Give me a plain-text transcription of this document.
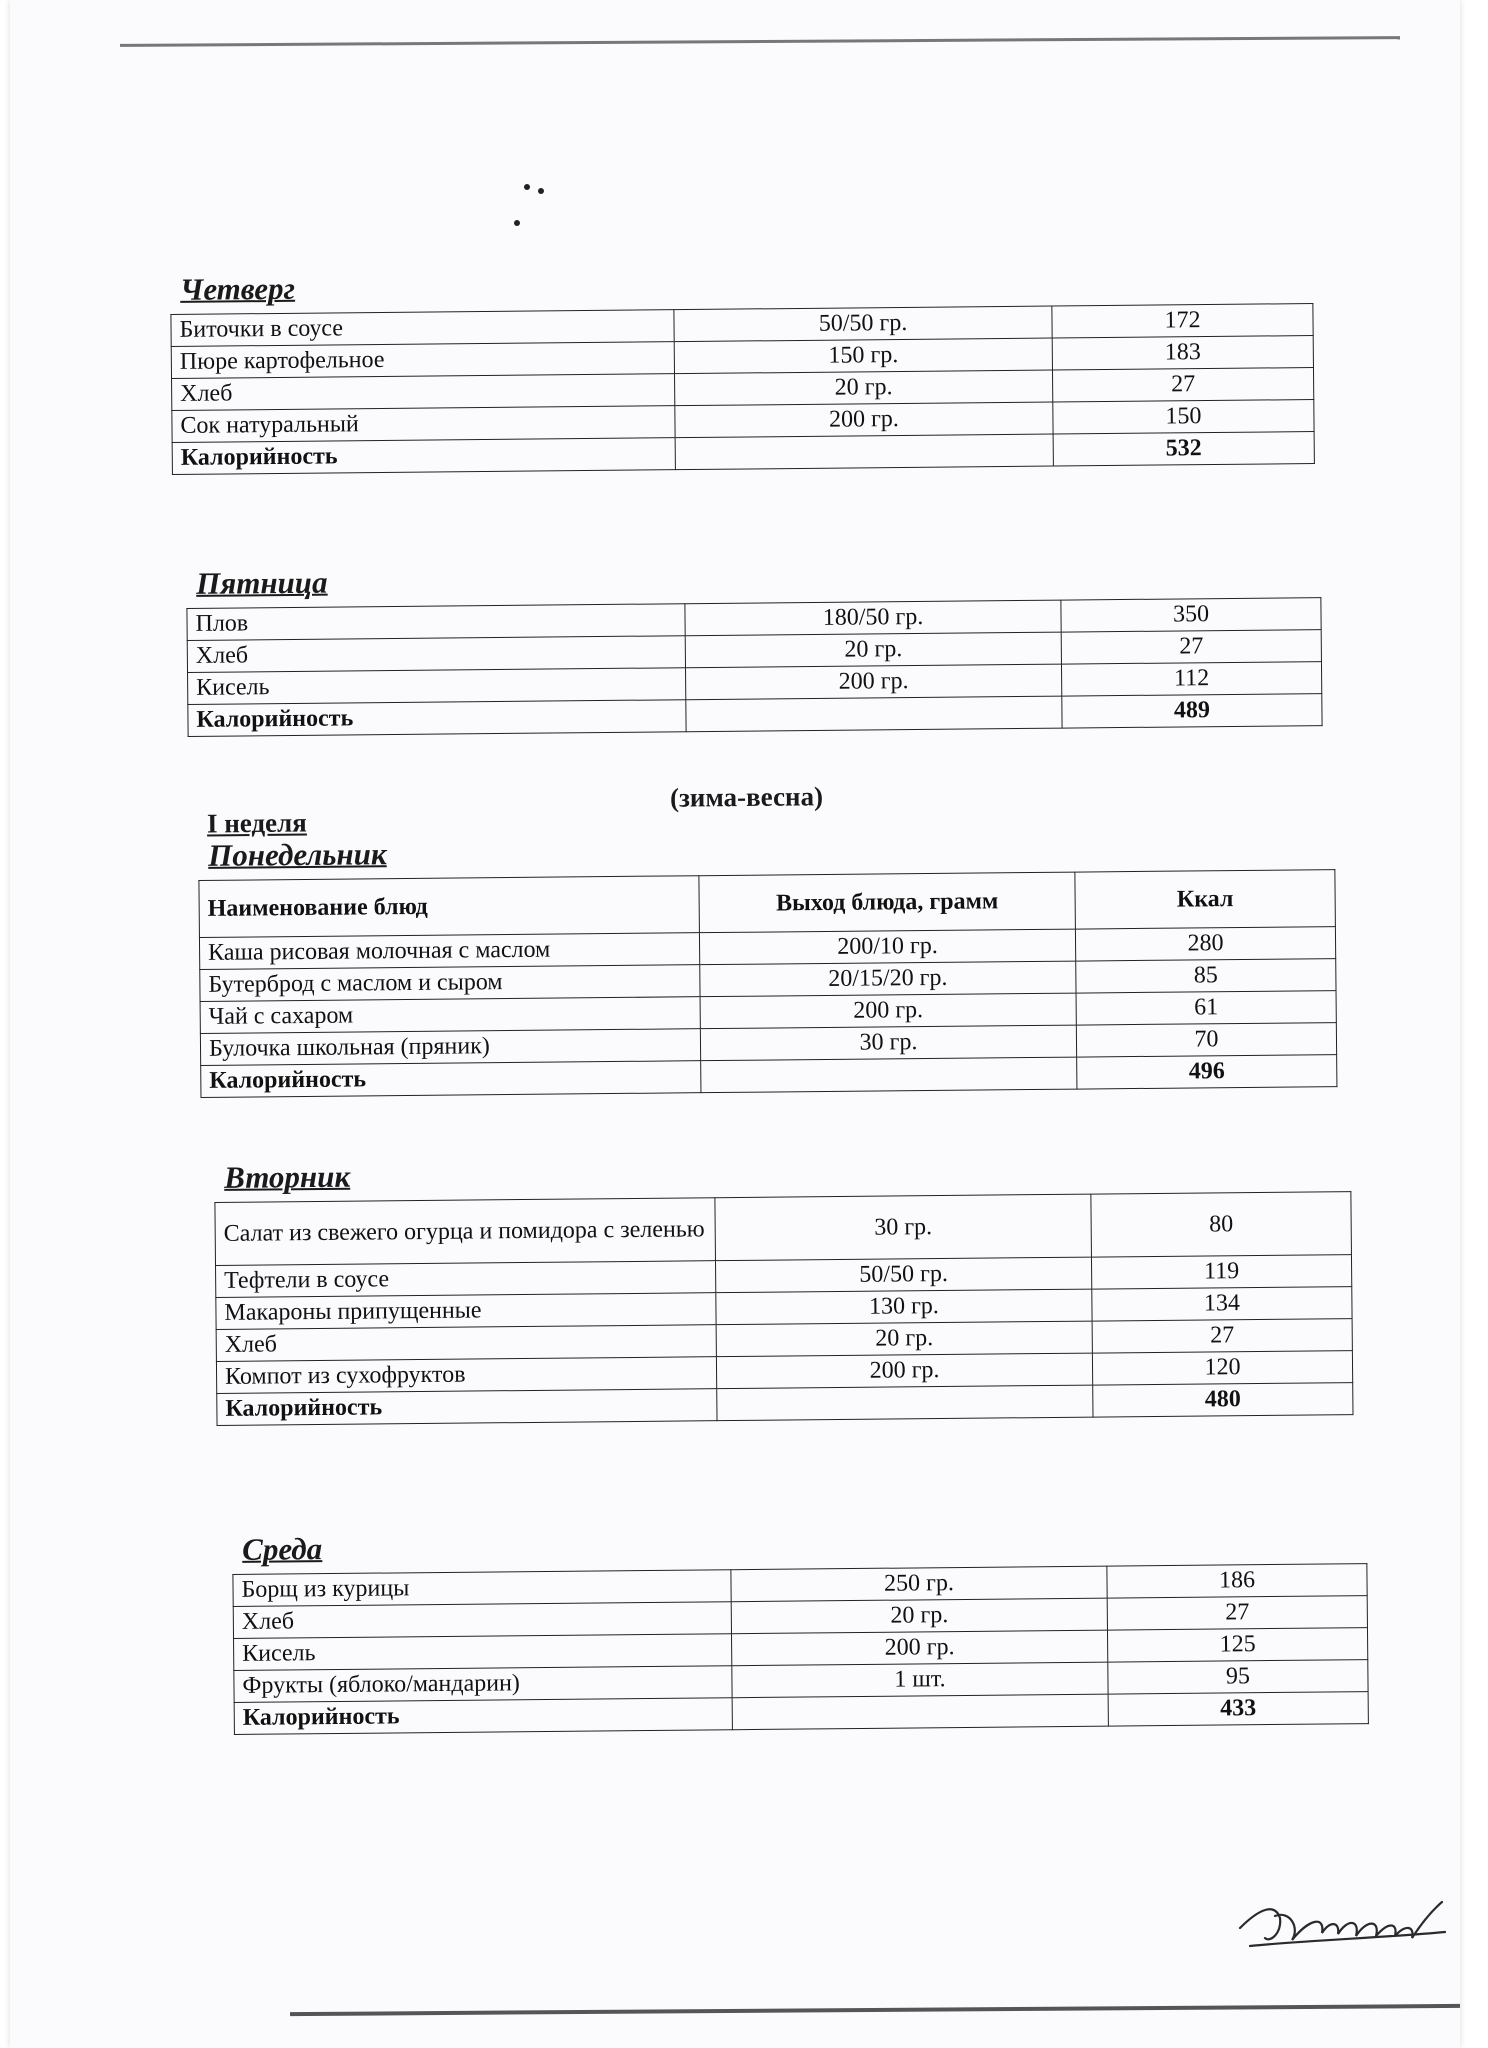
Четверг
Биточки в соусе	50/50 гр.	172
Пюре картофельное	150 гр.	183
Хлеб	20 гр.	27
Сок натуральный	200 гр.	150
Калорийность		532
Пятница
Плов	180/50 гр.	350
Хлеб	20 гр.	27
Кисель	200 гр.	112
Калорийность		489
(зима-весна)
I неделя
Понедельник
Наименование блюд	Выход блюда, грамм	Ккал
Каша рисовая молочная с маслом	200/10 гр.	280
Бутерброд с маслом и сыром	20/15/20 гр.	85
Чай с сахаром	200 гр.	61
Булочка школьная (пряник)	30 гр.	70
Калорийность		496
Вторник
Салат из свежего огурца и помидора с зеленью	30 гр.	80
Тефтели в соусе	50/50 гр.	119
Макароны припущенные	130 гр.	134
Хлеб	20 гр.	27
Компот из сухофруктов	200 гр.	120
Калорийность		480
Среда
Борщ из курицы	250 гр.	186
Хлеб	20 гр.	27
Кисель	200 гр.	125
Фрукты (яблоко/мандарин)	1 шт.	95
Калорийность		433
